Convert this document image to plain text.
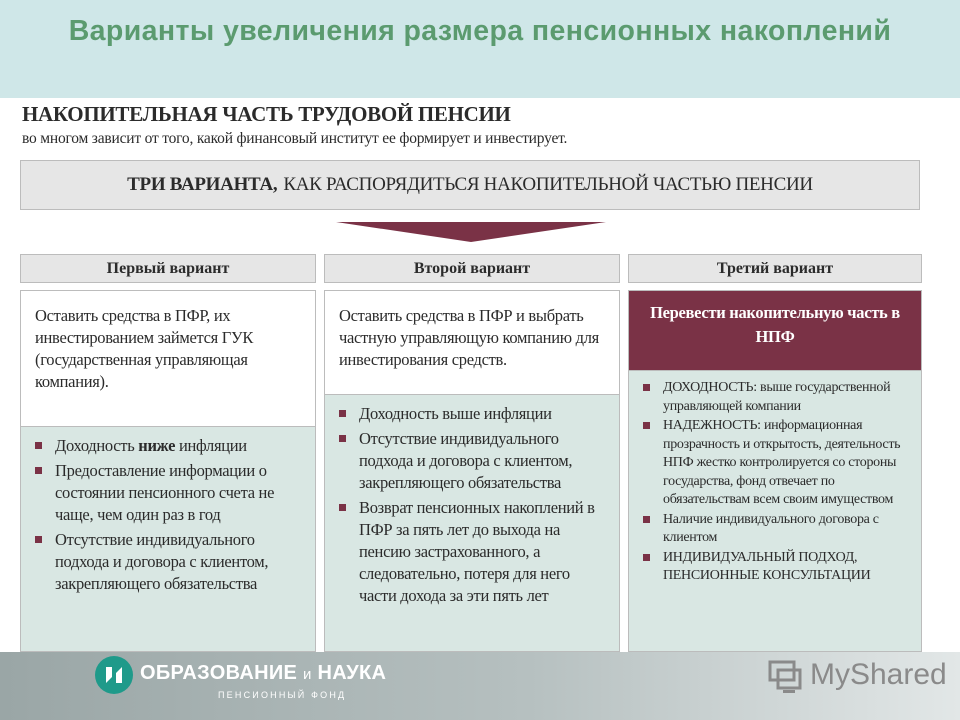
Варианты увеличения размера пенсионных накоплений
НАКОПИТЕЛЬНАЯ ЧАСТЬ ТРУДОВОЙ ПЕНСИИ
во многом зависит от того, какой финансовый институт ее формирует и инвестирует.
ТРИ ВАРИАНТА, КАК РАСПОРЯДИТЬСЯ НАКОПИТЕЛЬНОЙ ЧАСТЬЮ ПЕНСИИ
Первый вариант
Оставить средства в ПФР, их инвестированием займется ГУК (государственная управляющая компания).
Доходность ниже инфляции
Предоставление информации о состоянии пенсионного счета не чаще, чем один раз в год
Отсутствие индивидуального подхода и договора с клиентом, закрепляющего обязательства
Второй вариант
Оставить средства в ПФР и выбрать частную управляющую компанию для инвестирования средств.
Доходность выше инфляции
Отсутствие индивидуального подхода и договора с клиентом, закрепляющего обязательства
Возврат пенсионных накоплений в ПФР за пять лет до выхода на пенсию застрахованного, а следовательно, потеря для него части дохода за эти пять лет
Третий вариант
Перевести накопительную часть в НПФ
ДОХОДНОСТЬ: выше государственной управляющей компании
НАДЕЖНОСТЬ: информационная прозрачность и открытость, деятельность НПФ жестко контролируется со стороны государства, фонд отвечает по обязательствам всем своим имуществом
Наличие индивидуального договора с клиентом
ИНДИВИДУАЛЬНЫЙ ПОДХОД, ПЕНСИОННЫЕ КОНСУЛЬТАЦИИ
ОБРАЗОВАНИЕ и НАУКА
ПЕНСИОННЫЙ ФОНД
MyShared
